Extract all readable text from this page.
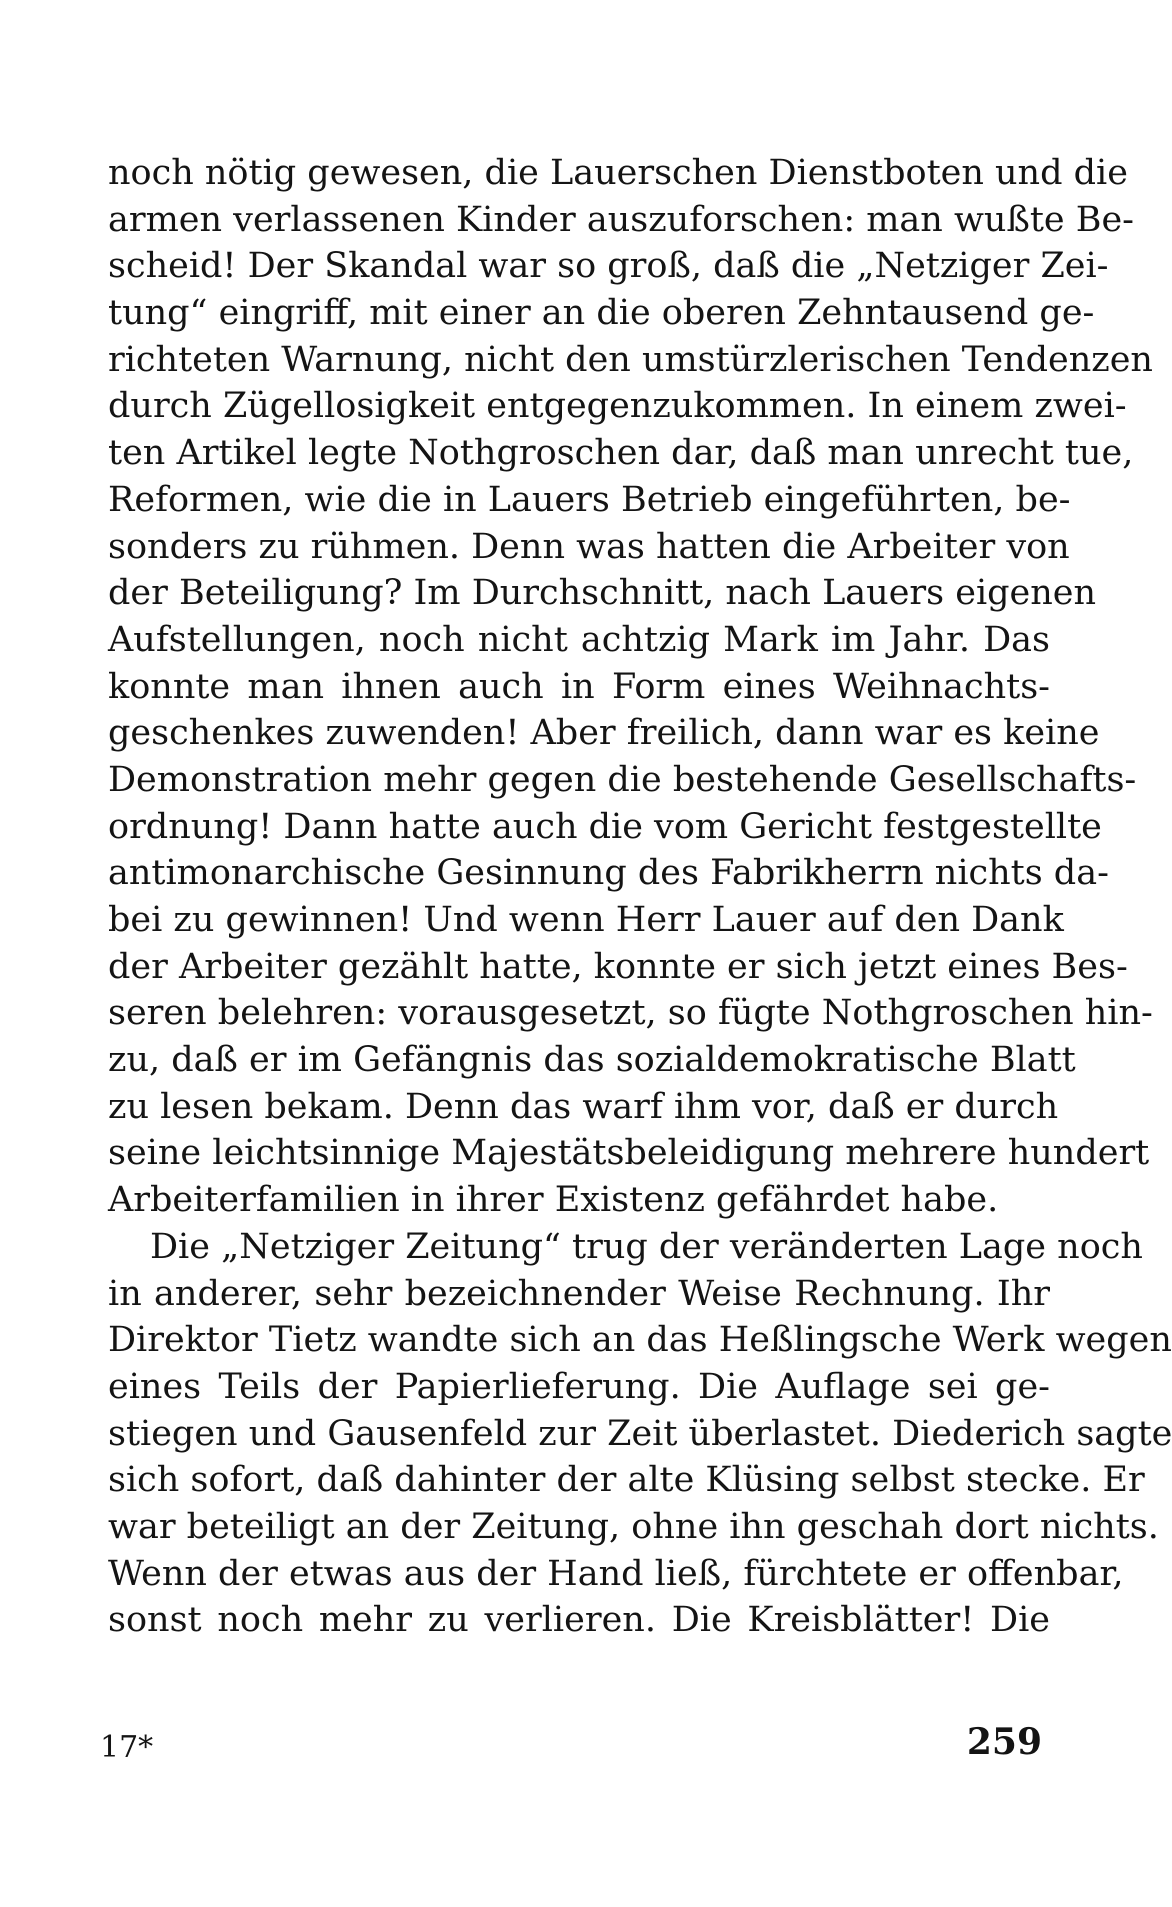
noch nötig gewesen, die Lauerschen Dienstboten und die
armen verlassenen Kinder auszuforschen: man wußte Be-
scheid! Der Skandal war so groß, daß die „Netziger Zei-
tung“ eingriff, mit einer an die oberen Zehntausend ge-
richteten Warnung, nicht den umstürzlerischen Tendenzen
durch Zügellosigkeit entgegenzukommen. In einem zwei-
ten Artikel legte Nothgroschen dar, daß man unrecht tue,
Reformen, wie die in Lauers Betrieb eingeführten, be-
sonders zu rühmen. Denn was hatten die Arbeiter von
der Beteiligung? Im Durchschnitt, nach Lauers eigenen
Aufstellungen, noch nicht achtzig Mark im Jahr. Das
konnte man ihnen auch in Form eines Weihnachts-
geschenkes zuwenden! Aber freilich, dann war es keine
Demonstration mehr gegen die bestehende Gesellschafts-
ordnung! Dann hatte auch die vom Gericht festgestellte
antimonarchische Gesinnung des Fabrikherrn nichts da-
bei zu gewinnen! Und wenn Herr Lauer auf den Dank
der Arbeiter gezählt hatte, konnte er sich jetzt eines Bes-
seren belehren: vorausgesetzt, so fügte Nothgroschen hin-
zu, daß er im Gefängnis das sozialdemokratische Blatt
zu lesen bekam. Denn das warf ihm vor, daß er durch
seine leichtsinnige Majestätsbeleidigung mehrere hundert
Arbeiterfamilien in ihrer Existenz gefährdet habe.
Die „Netziger Zeitung“ trug der veränderten Lage noch
in anderer, sehr bezeichnender Weise Rechnung. Ihr
Direktor Tietz wandte sich an das Heßlingsche Werk wegen
eines Teils der Papierlieferung. Die Auflage sei ge-
stiegen und Gausenfeld zur Zeit überlastet. Diederich sagte
sich sofort, daß dahinter der alte Klüsing selbst stecke. Er
war beteiligt an der Zeitung, ohne ihn geschah dort nichts.
Wenn der etwas aus der Hand ließ, fürchtete er offenbar,
sonst noch mehr zu verlieren. Die Kreisblätter! Die
17*	259
